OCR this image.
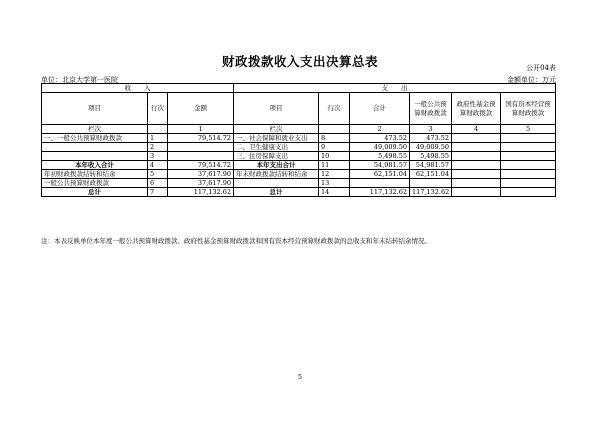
财政拨款收入支出决算总表	公开04表
单位：北京大学第一医院	金额单位：万元
收　　入			支　　出					
项目	行次	金额	项目	行次	合计	一般公共预算财政拨款	政府性基金预算财政拨款	国有资本经营预算财政拨款
栏次		1	栏次		2	3	4	5
一、一般公共预算财政拨款	1	79,514.72	一、社会保障和就业支出	8	473.52	473.52		
	2		二、卫生健康支出	9	49,009.50	49,009.50		
	3		三、住房保障支出	10	5,498.55	5,498.55		
本年收入合计	4	79,514.72	本年支出合计	11	54,981.57	54,981.57		
年初财政拨款结转和结余	5	37,617.90	年末财政拨款结转和结余	12	62,151.04	62,151.04		
一般公共预算财政拨款	6	37,617.90		13				
总计	7	117,132.62	总计	14	117,132.62	117,132.62		
注：本表反映单位本年度一般公共预算财政拨款、政府性基金预算财政拨款和国有资本经营预算财政拨款的总收支和年末结转结余情况。
5
